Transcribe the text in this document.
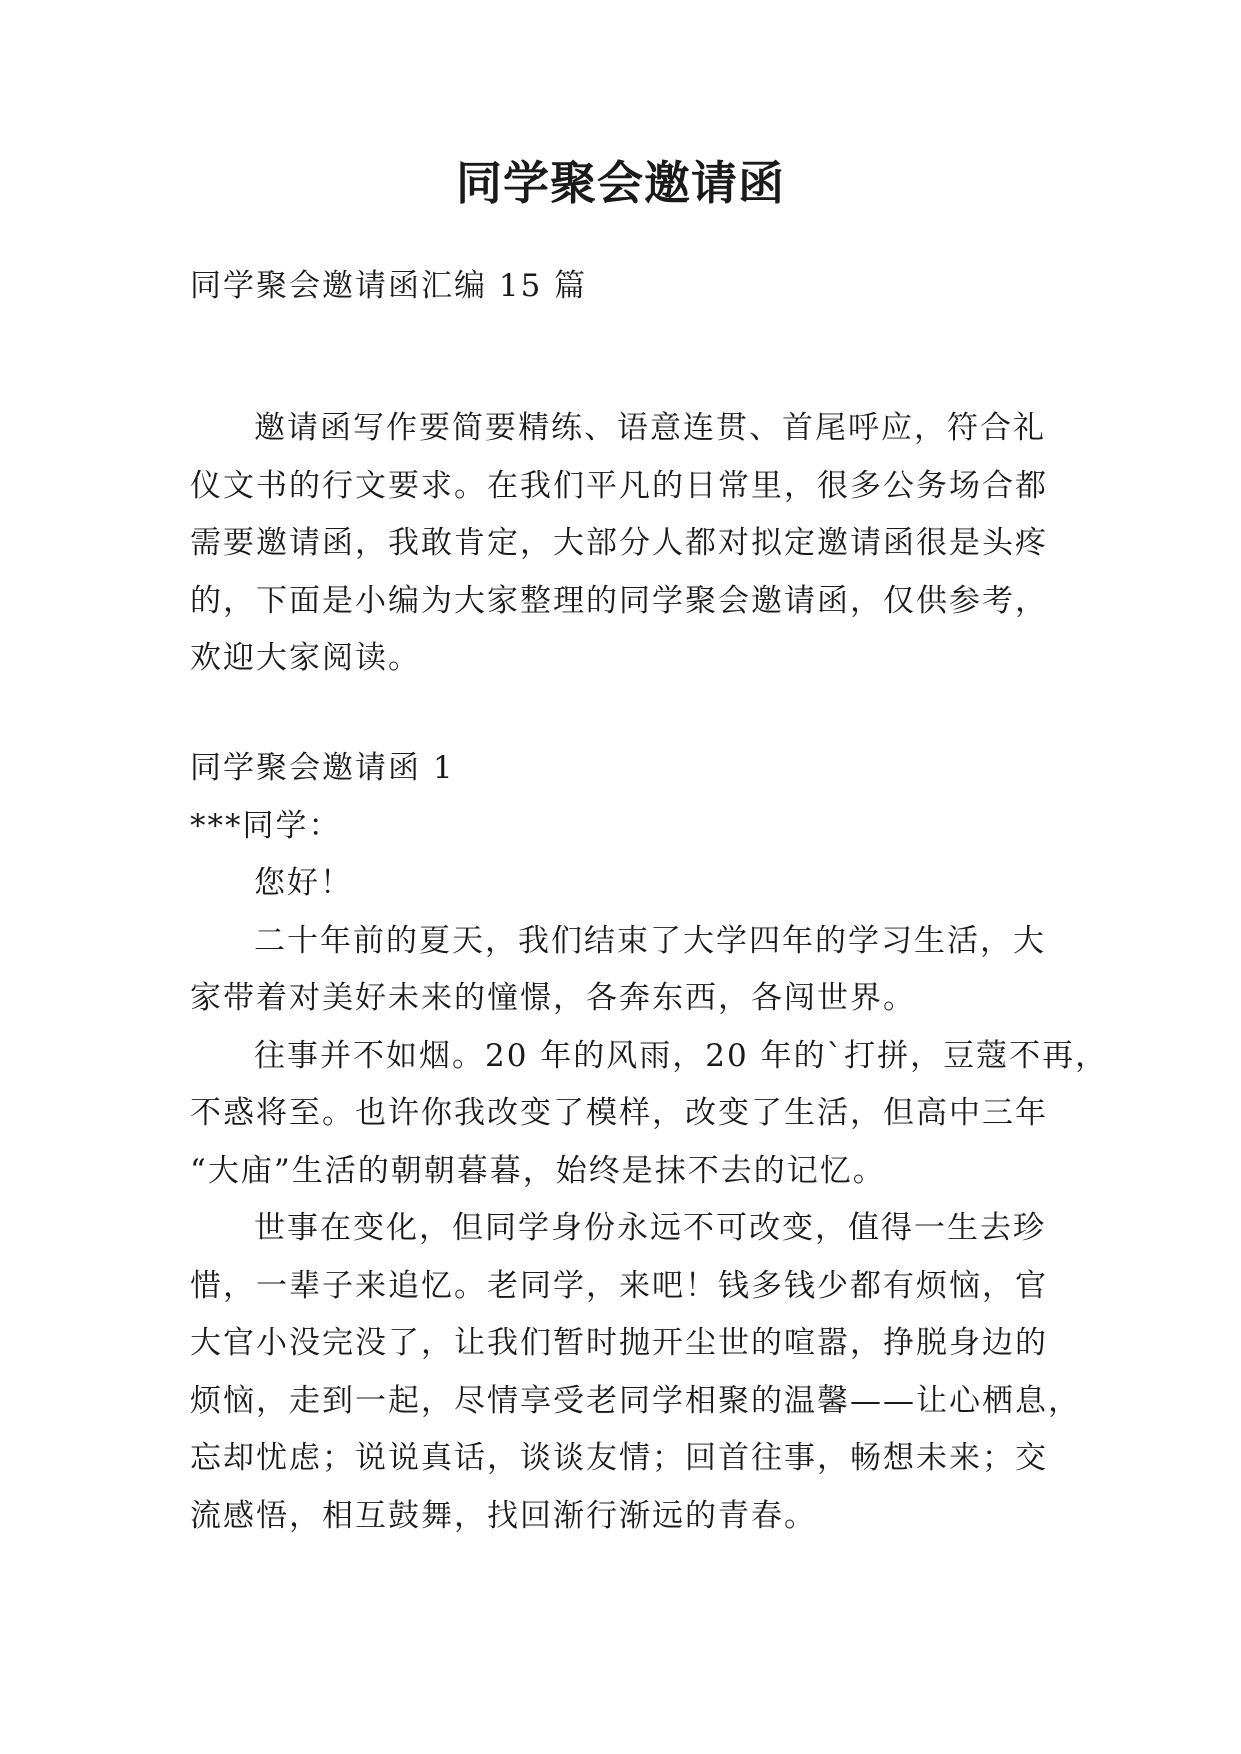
同学聚会邀请函
同学聚会邀请函汇编 15 篇
邀请函写作要简要精练、语意连贯、首尾呼应，符合礼
仪文书的行文要求。在我们平凡的日常里，很多公务场合都
需要邀请函，我敢肯定，大部分人都对拟定邀请函很是头疼
的，下面是小编为大家整理的同学聚会邀请函，仅供参考，
欢迎大家阅读。
同学聚会邀请函 1
***同学：
您好！
二十年前的夏天，我们结束了大学四年的学习生活，大
家带着对美好未来的憧憬，各奔东西，各闯世界。
往事并不如烟。20 年的风雨，20 年的`打拼，豆蔻不再，
不惑将至。也许你我改变了模样，改变了生活，但高中三年
“大庙”生活的朝朝暮暮，始终是抹不去的记忆。
世事在变化，但同学身份永远不可改变，值得一生去珍
惜，一辈子来追忆。老同学，来吧！钱多钱少都有烦恼，官
大官小没完没了，让我们暂时抛开尘世的喧嚣，挣脱身边的
烦恼，走到一起，尽情享受老同学相聚的温馨——让心栖息，
忘却忧虑；说说真话，谈谈友情；回首往事，畅想未来；交
流感悟，相互鼓舞，找回渐行渐远的青春。
